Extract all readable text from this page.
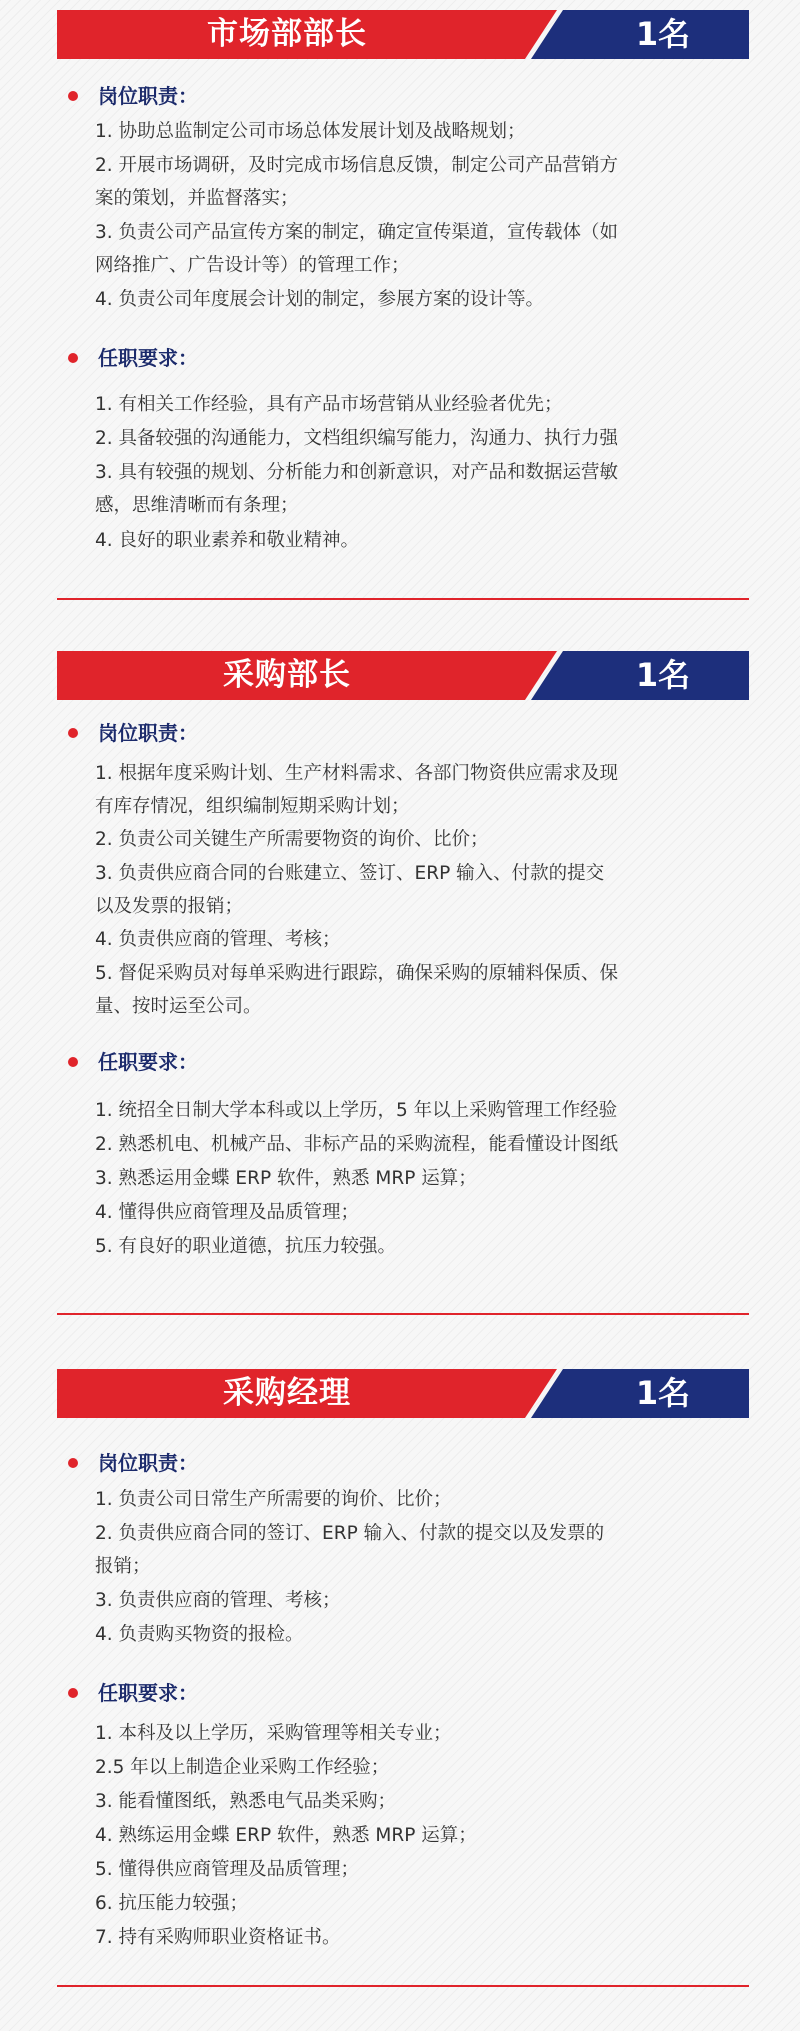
市场部部长	1名
岗位职责：
1. 协助总监制定公司市场总体发展计划及战略规划；
2. 开展市场调研，及时完成市场信息反馈，制定公司产品营销方
案的策划，并监督落实；
3. 负责公司产品宣传方案的制定，确定宣传渠道，宣传载体（如
网络推广、广告设计等）的管理工作；
4. 负责公司年度展会计划的制定，参展方案的设计等。
任职要求：
1. 有相关工作经验，具有产品市场营销从业经验者优先；
2. 具备较强的沟通能力，文档组织编写能力，沟通力、执行力强
3. 具有较强的规划、分析能力和创新意识，对产品和数据运营敏
感，思维清晰而有条理；
4. 良好的职业素养和敬业精神。
采购部长	1名
岗位职责：
1. 根据年度采购计划、生产材料需求、各部门物资供应需求及现
有库存情况，组织编制短期采购计划；
2. 负责公司关键生产所需要物资的询价、比价；
3. 负责供应商合同的台账建立、签订、ERP 输入、付款的提交
以及发票的报销；
4. 负责供应商的管理、考核；
5. 督促采购员对每单采购进行跟踪，确保采购的原辅料保质、保
量、按时运至公司。
任职要求：
1. 统招全日制大学本科或以上学历，5 年以上采购管理工作经验
2. 熟悉机电、机械产品、非标产品的采购流程，能看懂设计图纸
3. 熟悉运用金蝶 ERP 软件，熟悉 MRP 运算；
4. 懂得供应商管理及品质管理；
5. 有良好的职业道德，抗压力较强。
采购经理	1名
岗位职责：
1. 负责公司日常生产所需要的询价、比价；
2. 负责供应商合同的签订、ERP 输入、付款的提交以及发票的
报销；
3. 负责供应商的管理、考核；
4. 负责购买物资的报检。
任职要求：
1. 本科及以上学历，采购管理等相关专业；
2.5 年以上制造企业采购工作经验；
3. 能看懂图纸，熟悉电气品类采购；
4. 熟练运用金蝶 ERP 软件，熟悉 MRP 运算；
5. 懂得供应商管理及品质管理；
6. 抗压能力较强；
7. 持有采购师职业资格证书。
